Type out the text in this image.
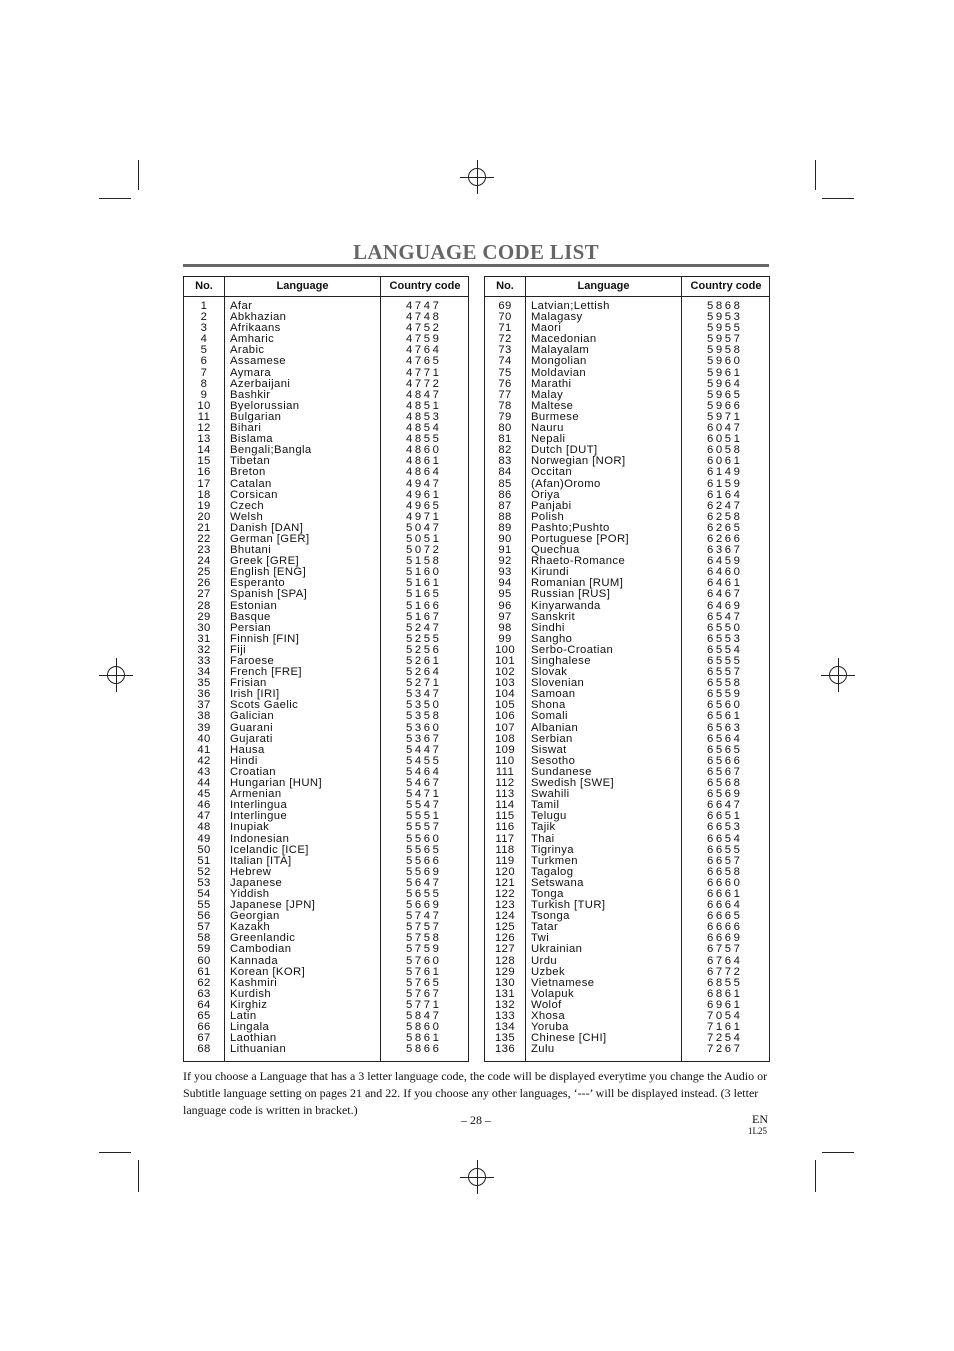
LANGUAGE CODE LIST
No.	Language	Country code
1	Afar	4747
2	Abkhazian	4748
3	Afrikaans	4752
4	Amharic	4759
5	Arabic	4764
6	Assamese	4765
7	Aymara	4771
8	Azerbaijani	4772
9	Bashkir	4847
10	Byelorussian	4851
11	Bulgarian	4853
12	Bihari	4854
13	Bislama	4855
14	Bengali;Bangla	4860
15	Tibetan	4861
16	Breton	4864
17	Catalan	4947
18	Corsican	4961
19	Czech	4965
20	Welsh	4971
21	Danish [DAN]	5047
22	German [GER]	5051
23	Bhutani	5072
24	Greek [GRE]	5158
25	English [ENG]	5160
26	Esperanto	5161
27	Spanish [SPA]	5165
28	Estonian	5166
29	Basque	5167
30	Persian	5247
31	Finnish [FIN]	5255
32	Fiji	5256
33	Faroese	5261
34	French [FRE]	5264
35	Frisian	5271
36	Irish [IRI]	5347
37	Scots Gaelic	5350
38	Galician	5358
39	Guarani	5360
40	Gujarati	5367
41	Hausa	5447
42	Hindi	5455
43	Croatian	5464
44	Hungarian [HUN]	5467
45	Armenian	5471
46	Interlingua	5547
47	Interlingue	5551
48	Inupiak	5557
49	Indonesian	5560
50	Icelandic [ICE]	5565
51	Italian [ITA]	5566
52	Hebrew	5569
53	Japanese	5647
54	Yiddish	5655
55	Japanese [JPN]	5669
56	Georgian	5747
57	Kazakh	5757
58	Greenlandic	5758
59	Cambodian	5759
60	Kannada	5760
61	Korean [KOR]	5761
62	Kashmiri	5765
63	Kurdish	5767
64	Kirghiz	5771
65	Latin	5847
66	Lingala	5860
67	Laothian	5861
68	Lithuanian	5866
No.	Language	Country code
69	Latvian;Lettish	5868
70	Malagasy	5953
71	Maori	5955
72	Macedonian	5957
73	Malayalam	5958
74	Mongolian	5960
75	Moldavian	5961
76	Marathi	5964
77	Malay	5965
78	Maltese	5966
79	Burmese	5971
80	Nauru	6047
81	Nepali	6051
82	Dutch [DUT]	6058
83	Norwegian [NOR]	6061
84	Occitan	6149
85	(Afan)Oromo	6159
86	Oriya	6164
87	Panjabi	6247
88	Polish	6258
89	Pashto;Pushto	6265
90	Portuguese [POR]	6266
91	Quechua	6367
92	Rhaeto-Romance	6459
93	Kirundi	6460
94	Romanian [RUM]	6461
95	Russian [RUS]	6467
96	Kinyarwanda	6469
97	Sanskrit	6547
98	Sindhi	6550
99	Sangho	6553
100	Serbo-Croatian	6554
101	Singhalese	6555
102	Slovak	6557
103	Slovenian	6558
104	Samoan	6559
105	Shona	6560
106	Somali	6561
107	Albanian	6563
108	Serbian	6564
109	Siswat	6565
110	Sesotho	6566
111	Sundanese	6567
112	Swedish [SWE]	6568
113	Swahili	6569
114	Tamil	6647
115	Telugu	6651
116	Tajik	6653
117	Thai	6654
118	Tigrinya	6655
119	Turkmen	6657
120	Tagalog	6658
121	Setswana	6660
122	Tonga	6661
123	Turkish [TUR]	6664
124	Tsonga	6665
125	Tatar	6666
126	Twi	6669
127	Ukrainian	6757
128	Urdu	6764
129	Uzbek	6772
130	Vietnamese	6855
131	Volapuk	6861
132	Wolof	6961
133	Xhosa	7054
134	Yoruba	7161
135	Chinese [CHI]	7254
136	Zulu	7267
If you choose a Language that has a 3 letter language code, the code will be displayed everytime you change the Audio or Subtitle language setting on pages 21 and 22. If you choose any other languages, ‘---’ will be displayed instead. (3 letter language code is written in bracket.)
– 28 –	EN
1L25
